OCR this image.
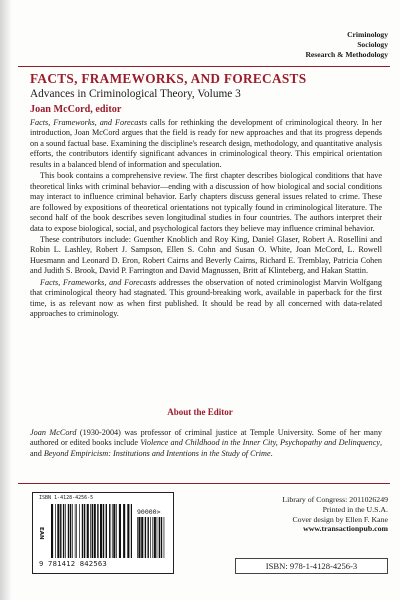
Criminology
Sociology
Research & Methodology
FACTS, FRAMEWORKS, AND FORECASTS
Advances in Criminological Theory, Volume 3
Joan McCord, editor

Facts, Frameworks, and Forecasts calls for rethinking the development of criminological theory. In her introduction, Joan McCord argues that the field is ready for new approaches and that its progress depends on a sound factual base. Examining the discipline's research design, methodology, and quantitative analysis efforts, the contributors identify significant advances in criminological theory. This empirical orientation results in a balanced blend of information and speculation.

This book contains a comprehensive review. The first chapter describes biological conditions that have theoretical links with criminal behavior—ending with a discussion of how biological and social conditions may interact to influence criminal behavior. Early chapters discuss general issues related to crime. These are followed by expositions of theoretical orientations not typically found in criminological literature. The second half of the book describes seven longitudinal studies in four countries. The authors interpret their data to expose biological, social, and psychological factors they believe may influence criminal behavior.

These contributors include: Guenther Knoblich and Roy King, Daniel Glaser, Robert A. Rosellini and Robin L. Lashley, Robert J. Sampson, Ellen S. Cohn and Susan O. White, Joan McCord, L. Rowell Huesmann and Leonard D. Eron, Robert Cairns and Beverly Cairns, Richard E. Tremblay, Patricia Cohen and Judith S. Brook, David P. Farrington and David Magnussen, Britt af Klinteberg, and Hakan Stattin.

Facts, Frameworks, and Forecasts addresses the observation of noted criminologist Marvin Wolfgang that criminological theory had stagnated. This ground-breaking work, available in paperback for the first time, is as relevant now as when first published. It should be read by all concerned with data-related approaches to criminology.

About the Editor

Joan McCord (1930-2004) was professor of criminal justice at Temple University. Some of her many authored or edited books include Violence and Childhood in the Inner City, Psychopathy and Delinquency, and Beyond Empiricism: Institutions and Intentions in the Study of Crime.

ISBN 1-4128-4256-5
EAN
90000>
9 781412 842563
Library of Congress: 2011026249
Printed in the U.S.A.
Cover design by Ellen F. Kane
www.transactionpub.com
ISBN: 978-1-4128-4256-3
